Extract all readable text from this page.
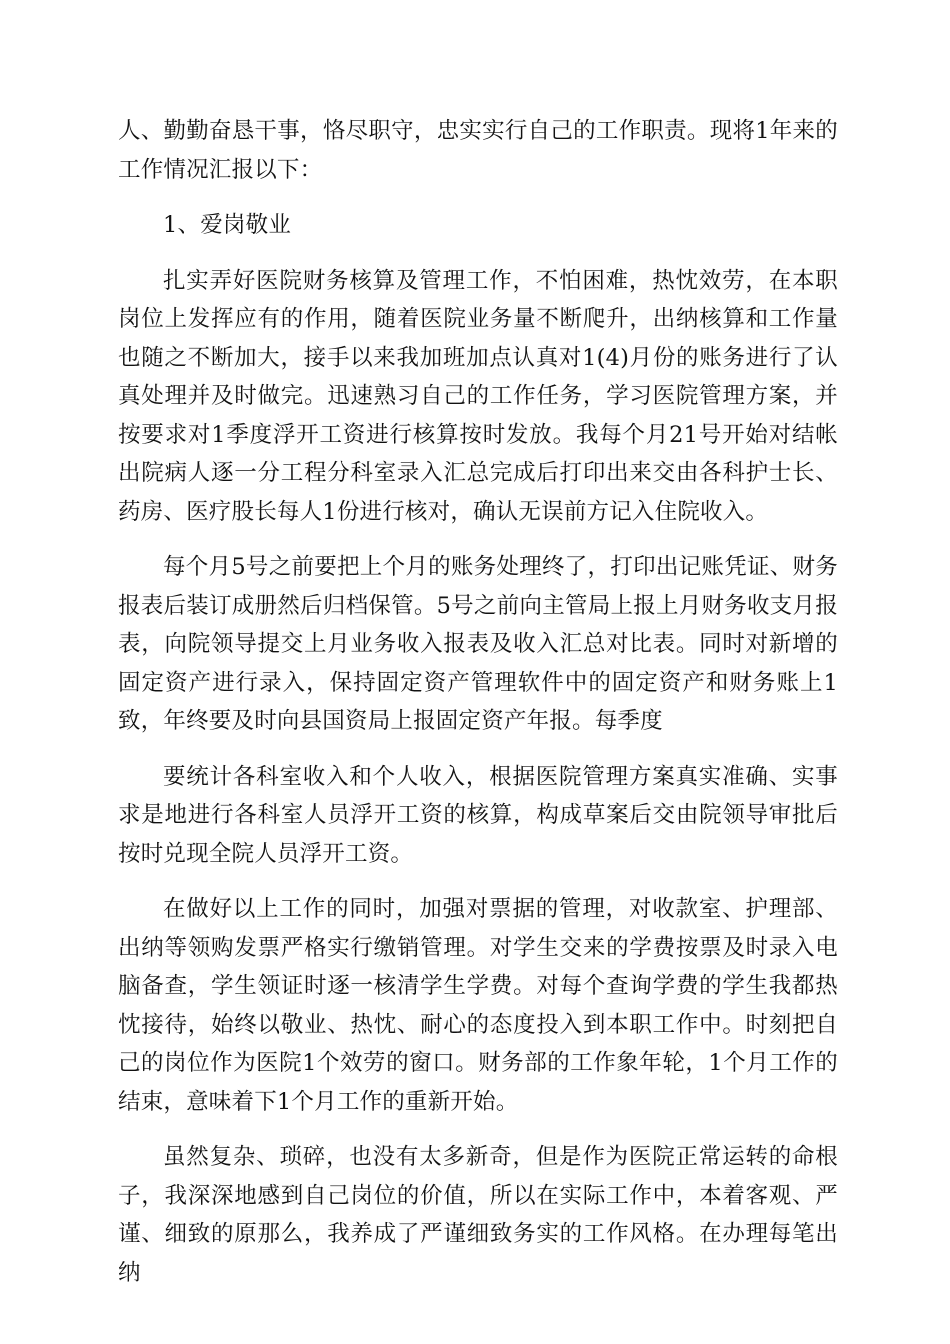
人、勤勤奋恳干事，恪尽职守，忠实实行自己的工作职责。现将1年来的工作情况汇报以下：

1、爱岗敬业

扎实弄好医院财务核算及管理工作，不怕困难，热忱效劳，在本职岗位上发挥应有的作用，随着医院业务量不断爬升，出纳核算和工作量也随之不断加大，接手以来我加班加点认真对1(4)月份的账务进行了认真处理并及时做完。迅速熟习自己的工作任务，学习医院管理方案，并按要求对1季度浮开工资进行核算按时发放。我每个月21号开始对结帐出院病人逐一分工程分科室录入汇总完成后打印出来交由各科护士长、药房、医疗股长每人1份进行核对，确认无误前方记入住院收入。

每个月5号之前要把上个月的账务处理终了，打印出记账凭证、财务报表后装订成册然后归档保管。5号之前向主管局上报上月财务收支月报表，向院领导提交上月业务收入报表及收入汇总对比表。同时对新增的固定资产进行录入，保持固定资产管理软件中的固定资产和财务账上1致，年终要及时向县国资局上报固定资产年报。每季度

要统计各科室收入和个人收入，根据医院管理方案真实准确、实事求是地进行各科室人员浮开工资的核算，构成草案后交由院领导审批后按时兑现全院人员浮开工资。

在做好以上工作的同时，加强对票据的管理，对收款室、护理部、出纳等领购发票严格实行缴销管理。对学生交来的学费按票及时录入电脑备查，学生领证时逐一核清学生学费。对每个查询学费的学生我都热忱接待，始终以敬业、热忱、耐心的态度投入到本职工作中。时刻把自己的岗位作为医院1个效劳的窗口。财务部的工作象年轮，1个月工作的结束，意味着下1个月工作的重新开始。

虽然复杂、琐碎，也没有太多新奇，但是作为医院正常运转的命根子，我深深地感到自己岗位的价值，所以在实际工作中，本着客观、严谨、细致的原那么，我养成了严谨细致务实的工作风格。在办理每笔出纳
